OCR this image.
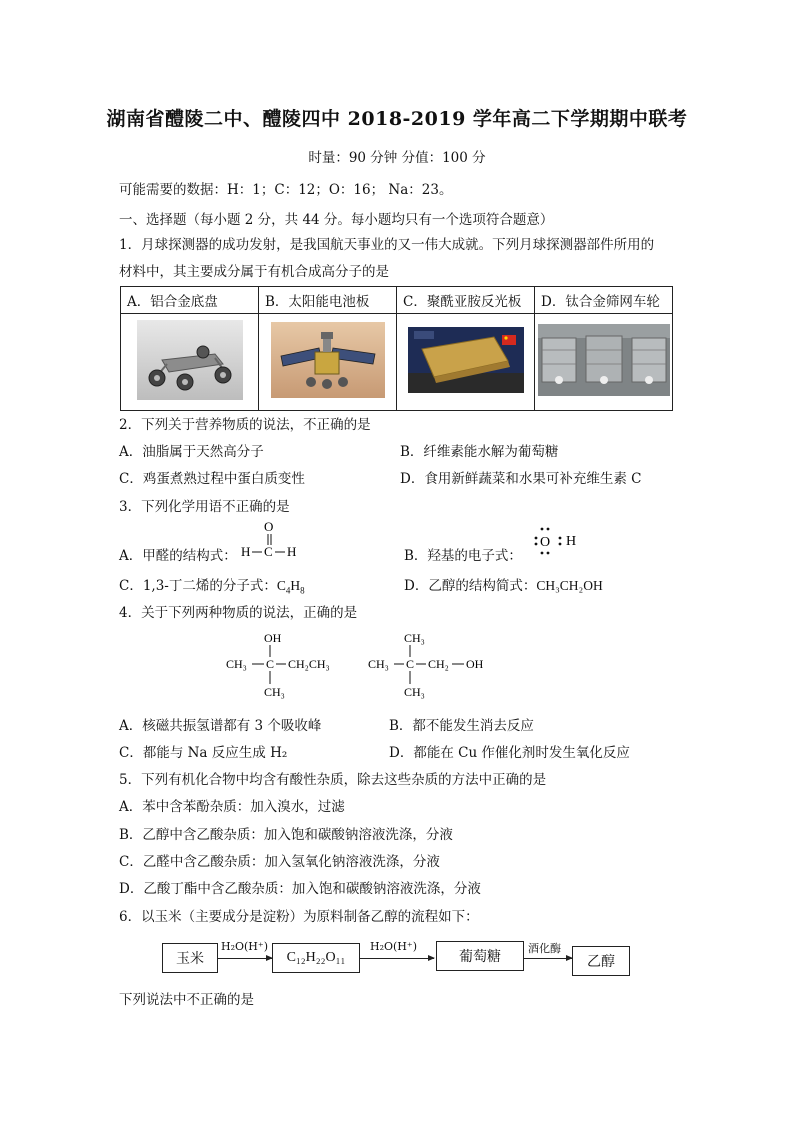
湖南省醴陵二中、醴陵四中 2018-2019 学年高二下学期期中联考
时量：90 分钟 分值：100 分
可能需要的数据：H：1；C：12；O：16； Na：23。
一、选择题（每小题 2 分，共 44 分。每小题均只有一个选项符合题意）
1．月球探测器的成功发射，是我国航天事业的又一伟大成就。下列月球探测器部件所用的
材料中，其主要成分属于有机合成高分子的是
A．铝合金底盘	B．太阳能电池板	C．聚酰亚胺反光板	D．钛合金筛网车轮

2．下列关于营养物质的说法，不正确的是
A．油脂属于天然高分子	B．纤维素能水解为葡萄糖
C．鸡蛋煮熟过程中蛋白质变性	D．食用新鲜蔬菜和水果可补充维生素 C
3．下列化学用语不正确的是
A．甲醛的结构式：
O
H C H	B．羟基的电子式：
O H
C．1,3-丁二烯的分子式：$C_4H_8$	D．乙醇的结构简式：CH₃CH₂OH
4．关于下列两种物质的说法，正确的是
OH
CH₃ C CH₂CH₃
CH₃
CH₃
CH₃ C CH₂ OH
CH₃
A．核磁共振氢谱都有 3 个吸收峰	B．都不能发生消去反应
C．都能与 Na 反应生成 H₂	D．都能在 Cu 作催化剂时发生氧化反应
5．下列有机化合物中均含有酸性杂质，除去这些杂质的方法中正确的是
A．苯中含苯酚杂质：加入溴水，过滤
B．乙醇中含乙酸杂质：加入饱和碳酸钠溶液洗涤，分液
C．乙醛中含乙酸杂质：加入氢氧化钠溶液洗涤，分液
D．乙酸丁酯中含乙酸杂质：加入饱和碳酸钠溶液洗涤，分液
6．以玉米（主要成分是淀粉）为原料制备乙醇的流程如下：
玉米
H₂O(H⁺)
C₁₂H₂₂O₁₁
H₂O(H⁺)
葡萄糖
酒化酶
乙醇
下列说法中不正确的是
